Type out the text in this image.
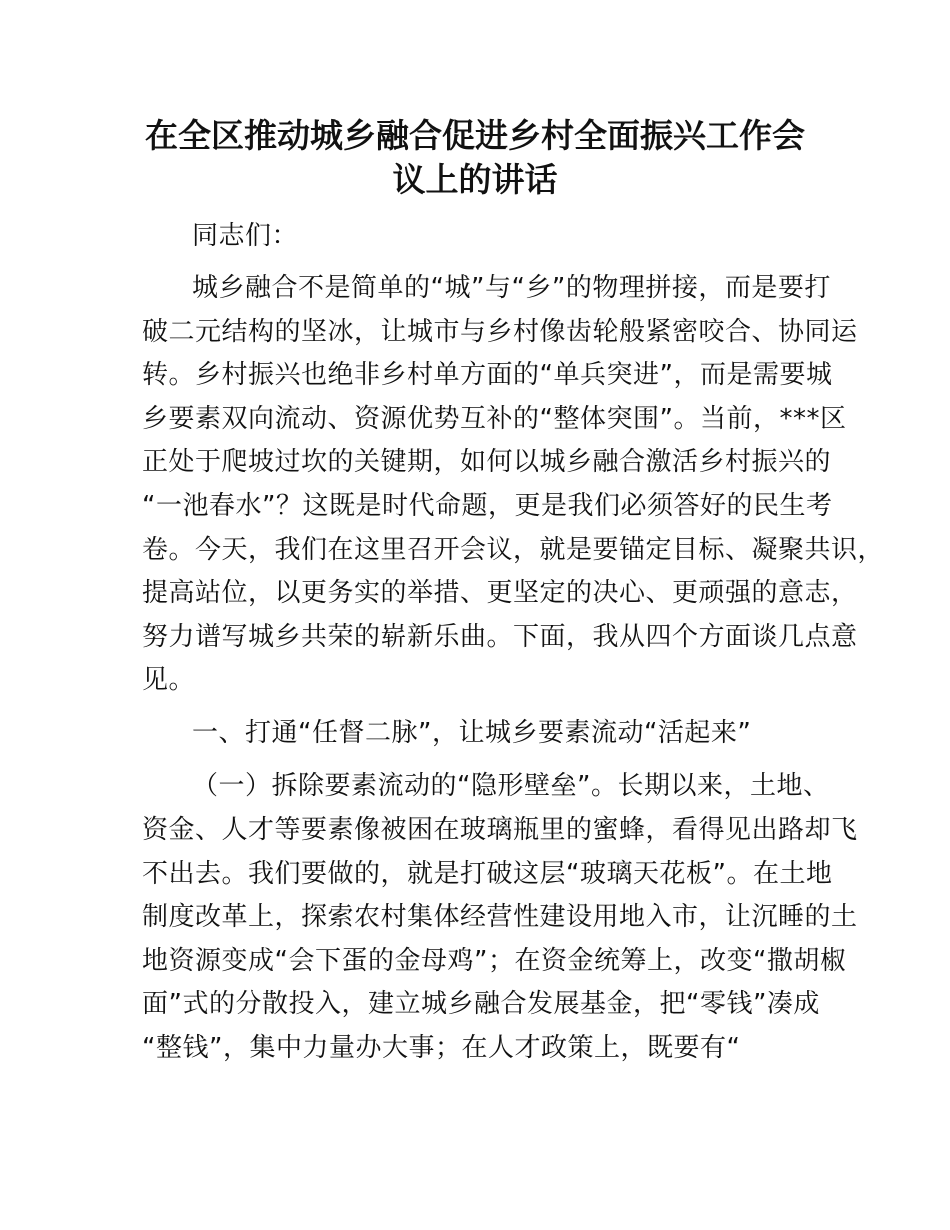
在全区推动城乡融合促进乡村全面振兴工作会
议上的讲话

同志们：

城乡融合不是简单的“城”与“乡”的物理拼接，而是要打

破二元结构的坚冰，让城市与乡村像齿轮般紧密咬合、协同运

转。乡村振兴也绝非乡村单方面的“单兵突进”，而是需要城

乡要素双向流动、资源优势互补的“整体突围”。当前，***区

正处于爬坡过坎的关键期，如何以城乡融合激活乡村振兴的

“一池春水”？这既是时代命题，更是我们必须答好的民生考

卷。今天，我们在这里召开会议，就是要锚定目标、凝聚共识，

提高站位，以更务实的举措、更坚定的决心、更顽强的意志，

努力谱写城乡共荣的崭新乐曲。下面，我从四个方面谈几点意

见。

一、打通“任督二脉”，让城乡要素流动“活起来”

（一）拆除要素流动的“隐形壁垒”。长期以来，土地、

资金、人才等要素像被困在玻璃瓶里的蜜蜂，看得见出路却飞

不出去。我们要做的，就是打破这层“玻璃天花板”。在土地

制度改革上，探索农村集体经营性建设用地入市，让沉睡的土

地资源变成“会下蛋的金母鸡”；在资金统筹上，改变“撒胡椒

面”式的分散投入，建立城乡融合发展基金，把“零钱”凑成

“整钱”，集中力量办大事；在人才政策上，既要有“
